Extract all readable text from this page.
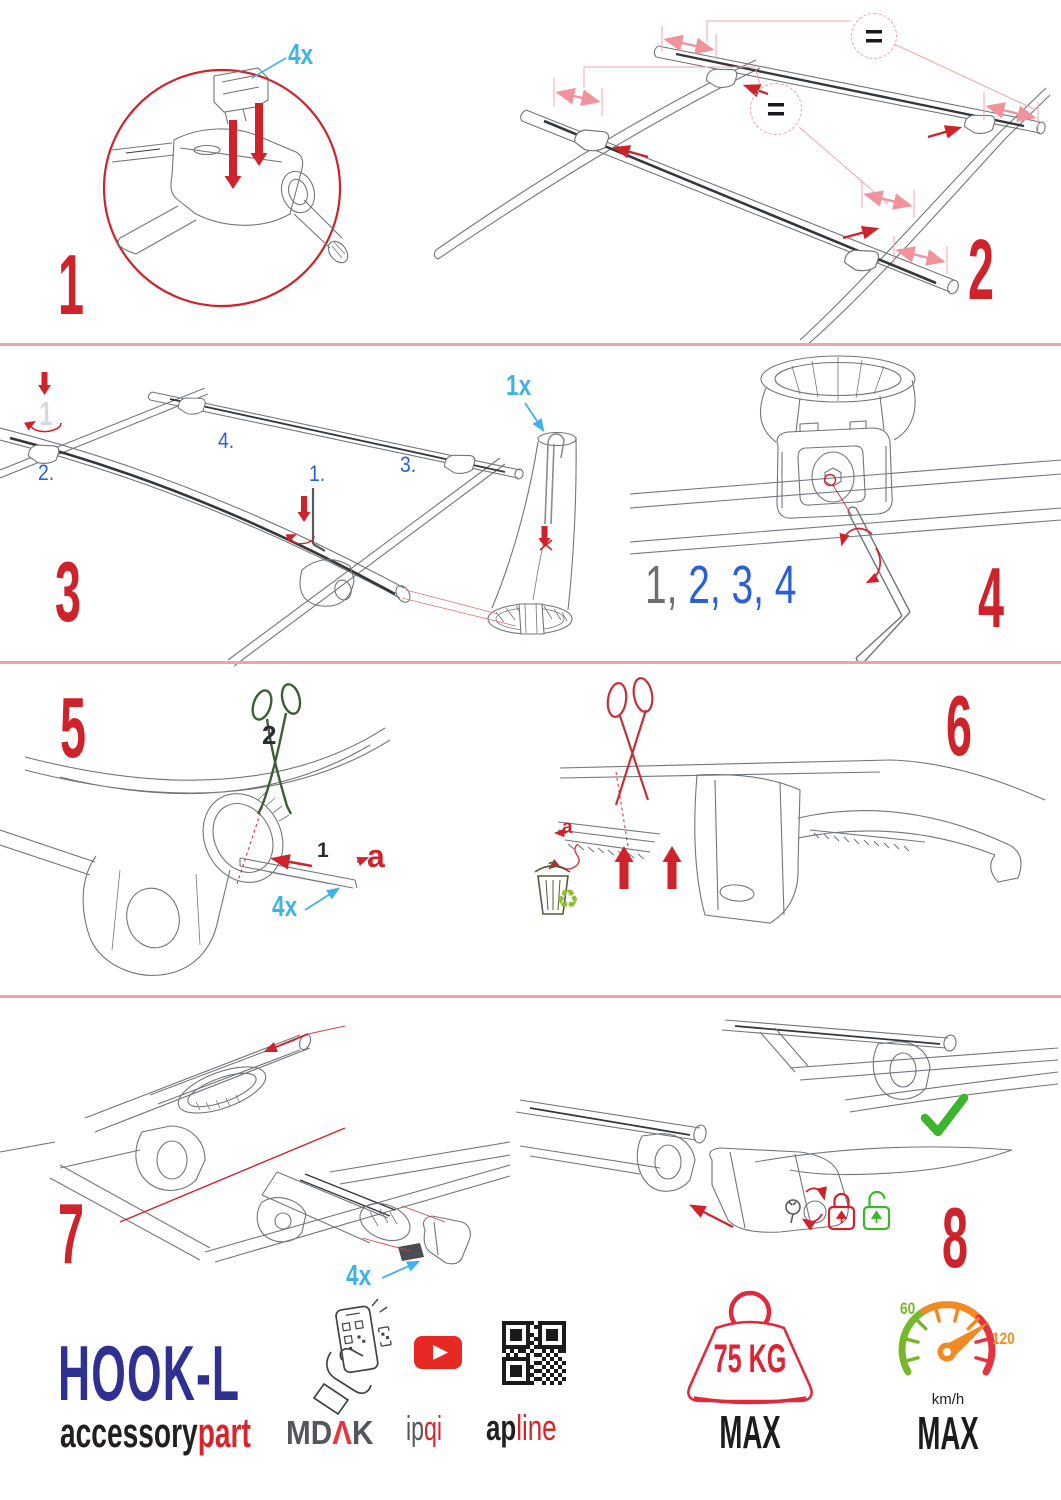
1	2
3	4
5	6
7	8
4x
1x
4x
4x
=
=
1
2.
4.
1.	3.
1, 2, 3, 4
2
1 a
a
♻
HOOK-L
accessorypart MDΛK ipqi apline
75 KG
MAX
60
120
km/h
MAX
